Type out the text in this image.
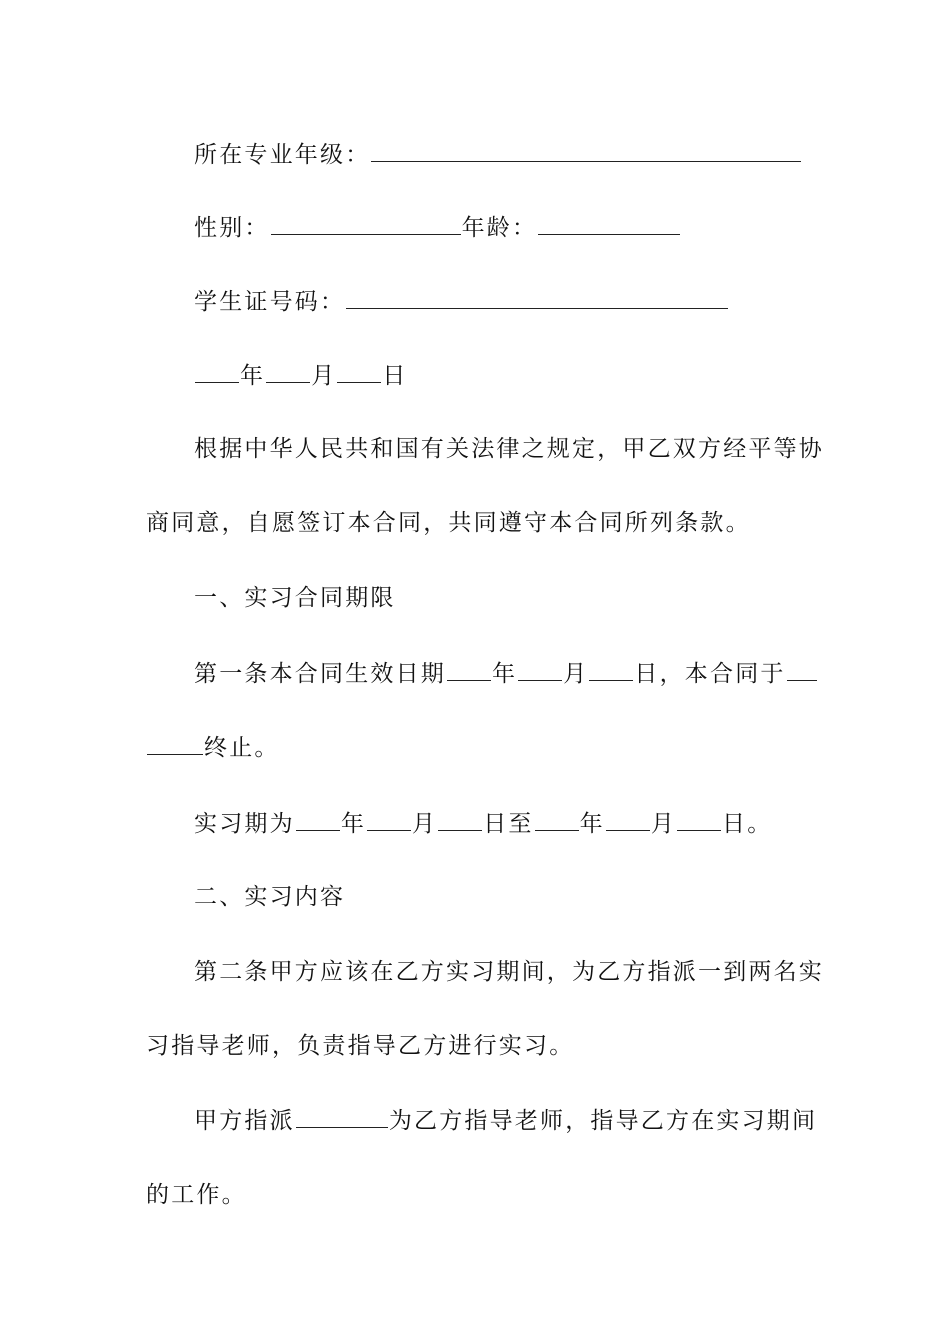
所在专业年级：
性别：	年龄：
学生证号码：
年 月 日
根据中华人民共和国有关法律之规定，甲乙双方经平等协
商同意，自愿签订本合同，共同遵守本合同所列条款。
一、实习合同期限
第一条本合同生效日期 年 月 日，本合同于
终止。
实习期为 年 月 日至 年 月 日。
二、实习内容
第二条甲方应该在乙方实习期间，为乙方指派一到两名实
习指导老师，负责指导乙方进行实习。
甲方指派	为乙方指导老师，指导乙方在实习期间
的工作。
